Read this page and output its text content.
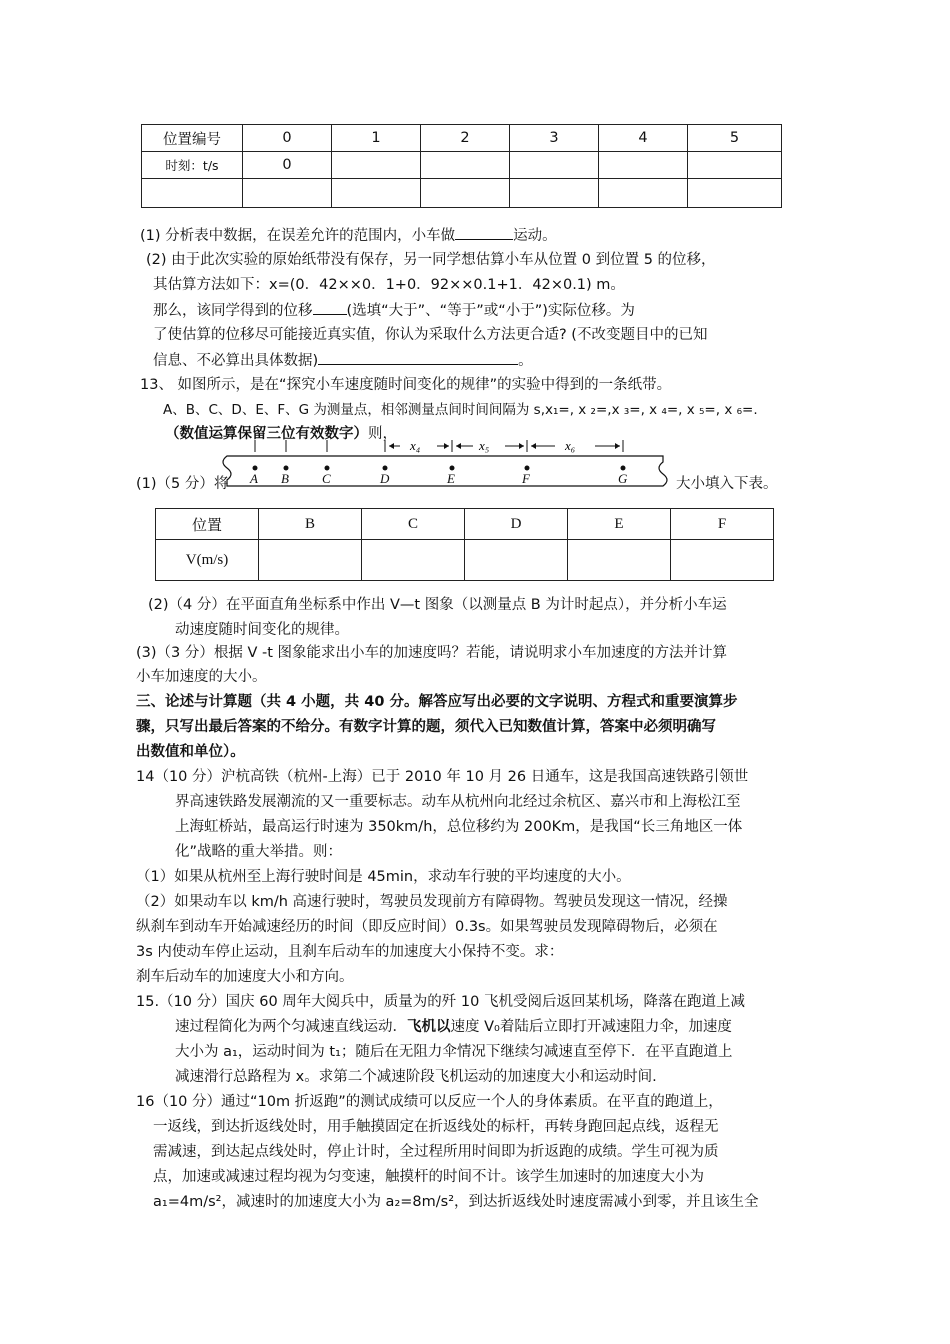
位置编号	0	1	2	3	4	5
时刻：t/s	0					

(1) 分析表中数据，在误差允许的范围内，小车做	运动。
(2) 由于此次实验的原始纸带没有保存，另一同学想估算小车从位置 0 到位置 5 的位移，
其估算方法如下：x=(0．42××0．1+0．92××0.1+1．42×0.1) m。
那么，该同学得到的位移 (选填“大于”、“等于”或“小于”)实际位移。为
了使估算的位移尽可能接近真实值，你认为采取什么方法更合适? (不改变题目中的已知
信息、不必算出具体数据)	。
13、 如图所示，是在“探究小车速度随时间变化的规律”的实验中得到的一条纸带。
A、B、C、D、E、F、G 为测量点，相邻测量点间时间间隔为 s,x₁=, x ₂=,x ₃=, x ₄=, x ₅=, x ₆=.
（数值运算保留三位有效数字）则，
x₄	x₅	x₆
A B	C	D	E	F	G
(1)（5 分）将	大小填入下表。
位置	B	C	D	E	F
V(m/s)					
(2)（4 分）在平面直角坐标系中作出 V—t 图象（以测量点 B 为计时起点），并分析小车运
动速度随时间变化的规律。
(3)（3 分）根据 V -t 图象能求出小车的加速度吗？若能，请说明求小车加速度的方法并计算
小车加速度的大小。
三、论述与计算题（共 4 小题，共 40 分。解答应写出必要的文字说明、方程式和重要演算步
骤，只写出最后答案的不给分。有数字计算的题，须代入已知数值计算，答案中必须明确写
出数值和单位）。
14（10 分）沪杭高铁（杭州-上海）已于 2010 年 10 月 26 日通车，这是我国高速铁路引领世
界高速铁路发展潮流的又一重要标志。动车从杭州向北经过余杭区、嘉兴市和上海松江至
上海虹桥站，最高运行时速为 350km/h，总位移约为 200Km，是我国“长三角地区一体
化”战略的重大举措。则：
（1）如果从杭州至上海行驶时间是 45min，求动车行驶的平均速度的大小。
（2）如果动车以 km/h 高速行驶时，驾驶员发现前方有障碍物。驾驶员发现这一情况，经操
纵刹车到动车开始减速经历的时间（即反应时间）0.3s。如果驾驶员发现障碍物后，必须在
3s 内使动车停止运动，且刹车后动车的加速度大小保持不变。求：
刹车后动车的加速度大小和方向。
15.（10 分）国庆 60 周年大阅兵中，质量为的歼 10 飞机受阅后返回某机场，降落在跑道上减
速过程简化为两个匀减速直线运动．飞机以速度 V₀着陆后立即打开减速阻力伞，加速度
大小为 a₁，运动时间为 t₁；随后在无阻力伞情况下继续匀减速直至停下．在平直跑道上
减速滑行总路程为 x。求第二个减速阶段飞机运动的加速度大小和运动时间.
16（10 分）通过“10m 折返跑”的测试成绩可以反应一个人的身体素质。在平直的跑道上，
一返线，到达折返线处时，用手触摸固定在折返线处的标杆，再转身跑回起点线，返程无
需减速，到达起点线处时，停止计时，全过程所用时间即为折返跑的成绩。学生可视为质
点，加速或减速过程均视为匀变速，触摸杆的时间不计。该学生加速时的加速度大小为
a₁=4m/s²，减速时的加速度大小为 a₂=8m/s²，到达折返线处时速度需减小到零，并且该生全
